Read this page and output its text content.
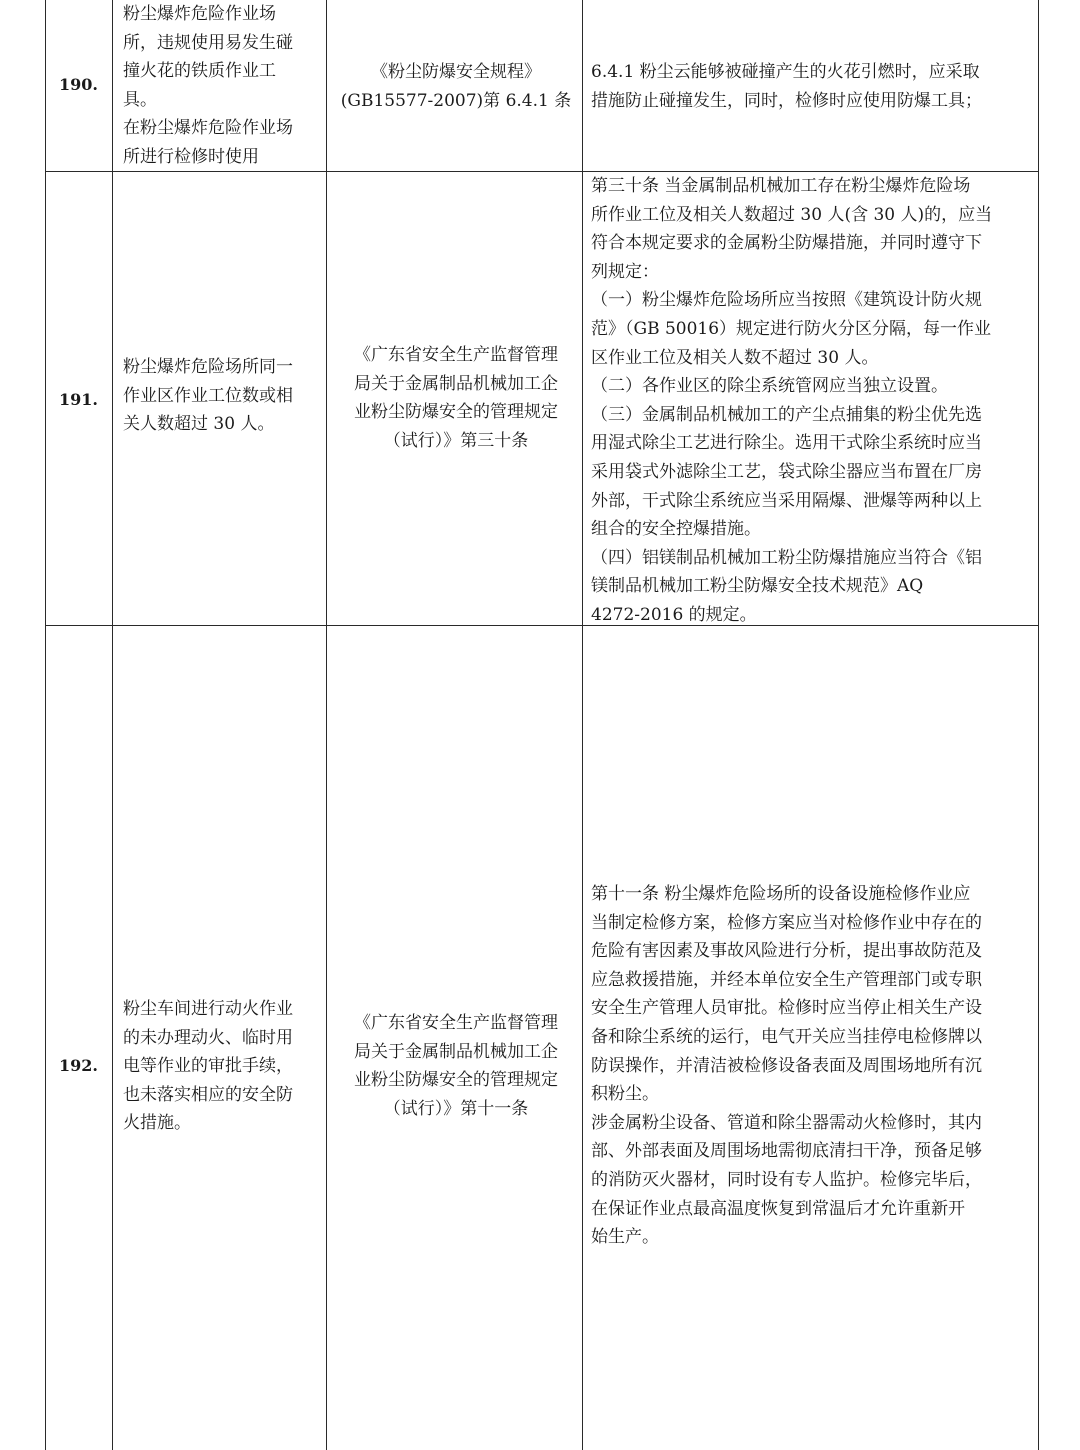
190.

粉尘爆炸危险作业场
所，违规使用易发生碰
撞火花的铁质作业工
具。
在粉尘爆炸危险作业场
所进行检修时使用

《粉尘防爆安全规程》
(GB15577-2007)第 6.4.1 条

6.4.1 粉尘云能够被碰撞产生的火花引燃时，应采取
措施防止碰撞发生，同时，检修时应使用防爆工具；

191.

粉尘爆炸危险场所同一
作业区作业工位数或相
关人数超过 30 人。

《广东省安全生产监督管理
局关于金属制品机械加工企
业粉尘防爆安全的管理规定
（试行）》第三十条

第三十条 当金属制品机械加工存在粉尘爆炸危险场
所作业工位及相关人数超过 30 人(含 30 人)的，应当
符合本规定要求的金属粉尘防爆措施，并同时遵守下
列规定：
（一）粉尘爆炸危险场所应当按照《建筑设计防火规
范》（GB 50016）规定进行防火分区分隔，每一作业
区作业工位及相关人数不超过 30 人。
（二）各作业区的除尘系统管网应当独立设置。
（三）金属制品机械加工的产尘点捕集的粉尘优先选
用湿式除尘工艺进行除尘。选用干式除尘系统时应当
采用袋式外滤除尘工艺，袋式除尘器应当布置在厂房
外部，干式除尘系统应当采用隔爆、泄爆等两种以上
组合的安全控爆措施。
（四）铝镁制品机械加工粉尘防爆措施应当符合《铝
镁制品机械加工粉尘防爆安全技术规范》AQ
4272-2016 的规定。

192.

粉尘车间进行动火作业
的未办理动火、临时用
电等作业的审批手续，
也未落实相应的安全防
火措施。

《广东省安全生产监督管理
局关于金属制品机械加工企
业粉尘防爆安全的管理规定
（试行）》第十一条

第十一条 粉尘爆炸危险场所的设备设施检修作业应
当制定检修方案，检修方案应当对检修作业中存在的
危险有害因素及事故风险进行分析，提出事故防范及
应急救援措施，并经本单位安全生产管理部门或专职
安全生产管理人员审批。检修时应当停止相关生产设
备和除尘系统的运行，电气开关应当挂停电检修牌以
防误操作，并清洁被检修设备表面及周围场地所有沉
积粉尘。
涉金属粉尘设备、管道和除尘器需动火检修时，其内
部、外部表面及周围场地需彻底清扫干净，预备足够
的消防灭火器材，同时设有专人监护。检修完毕后，
在保证作业点最高温度恢复到常温后才允许重新开
始生产。
